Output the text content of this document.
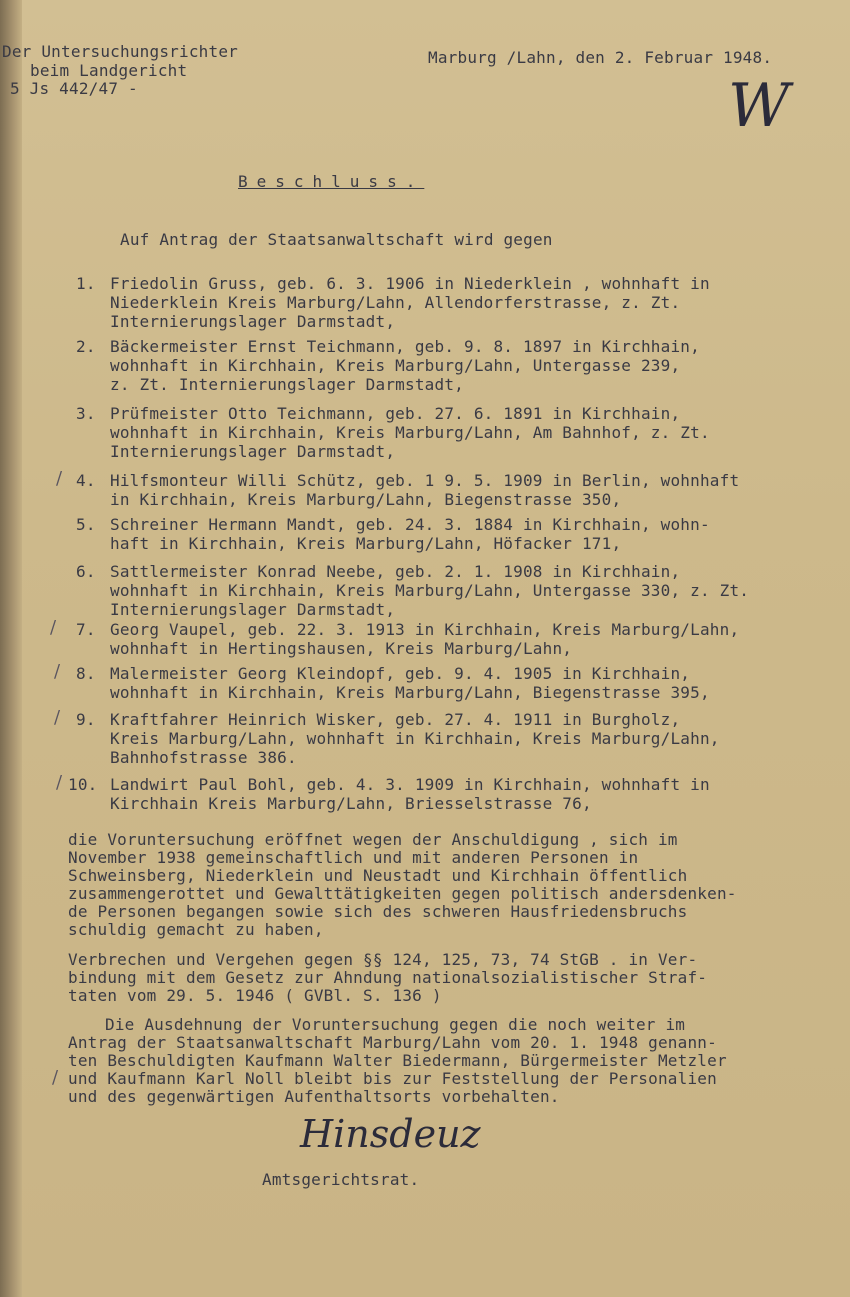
Der Untersuchungsrichter
beim Landgericht
5 Js 442/47 -
Marburg /Lahn, den 2. Februar 1948.
W
Beschluss.
Auf Antrag der Staatsanwaltschaft wird gegen
1. Friedolin Gruss, geb. 6. 3. 1906 in Niederklein , wohnhaft in
Niederklein Kreis Marburg/Lahn, Allendorferstrasse, z. Zt.
Internierungslager Darmstadt,
2. Bäckermeister Ernst Teichmann, geb. 9. 8. 1897 in Kirchhain,
wohnhaft in Kirchhain, Kreis Marburg/Lahn, Untergasse 239,
z. Zt. Internierungslager Darmstadt,
3. Prüfmeister Otto Teichmann, geb. 27. 6. 1891 in Kirchhain,
wohnhaft in Kirchhain, Kreis Marburg/Lahn, Am Bahnhof, z. Zt.
Internierungslager Darmstadt,
/ 4. Hilfsmonteur Willi Schütz, geb. 1 9. 5. 1909 in Berlin, wohnhaft
in Kirchhain, Kreis Marburg/Lahn, Biegenstrasse 350,
5. Schreiner Hermann Mandt, geb. 24. 3. 1884 in Kirchhain, wohn-
haft in Kirchhain, Kreis Marburg/Lahn, Höfacker 171,
6. Sattlermeister Konrad Neebe, geb. 2. 1. 1908 in Kirchhain,
wohnhaft in Kirchhain, Kreis Marburg/Lahn, Untergasse 330, z. Zt.
Internierungslager Darmstadt,
/ 7. Georg Vaupel, geb. 22. 3. 1913 in Kirchhain, Kreis Marburg/Lahn,
wohnhaft in Hertingshausen, Kreis Marburg/Lahn,
/ 8. Malermeister Georg Kleindopf, geb. 9. 4. 1905 in Kirchhain,
wohnhaft in Kirchhain, Kreis Marburg/Lahn, Biegenstrasse 395,
/ 9. Kraftfahrer Heinrich Wisker, geb. 27. 4. 1911 in Burgholz,
Kreis Marburg/Lahn, wohnhaft in Kirchhain, Kreis Marburg/Lahn,
Bahnhofstrasse 386.
/ 10. Landwirt Paul Bohl, geb. 4. 3. 1909 in Kirchhain, wohnhaft in
Kirchhain Kreis Marburg/Lahn, Briesselstrasse 76,
die Voruntersuchung eröffnet wegen der Anschuldigung , sich im
November 1938 gemeinschaftlich und mit anderen Personen in
Schweinsberg, Niederklein und Neustadt und Kirchhain öffentlich
zusammengerottet und Gewalttätigkeiten gegen politisch andersdenken-
de Personen begangen sowie sich des schweren Hausfriedensbruchs
schuldig gemacht zu haben,
Verbrechen und Vergehen gegen §§ 124, 125, 73, 74 StGB . in Ver-
bindung mit dem Gesetz zur Ahndung nationalsozialistischer Straf-
taten vom 29. 5. 1946 ( GVBl. S. 136 )
Die Ausdehnung der Voruntersuchung gegen die noch weiter im
Antrag der Staatsanwaltschaft Marburg/Lahn vom 20. 1. 1948 genann-
ten Beschuldigten Kaufmann Walter Biedermann, Bürgermeister Metzler
/ und Kaufmann Karl Noll bleibt bis zur Feststellung der Personalien
und des gegenwärtigen Aufenthaltsorts vorbehalten.
Hinsdeuz
Amtsgerichtsrat.
